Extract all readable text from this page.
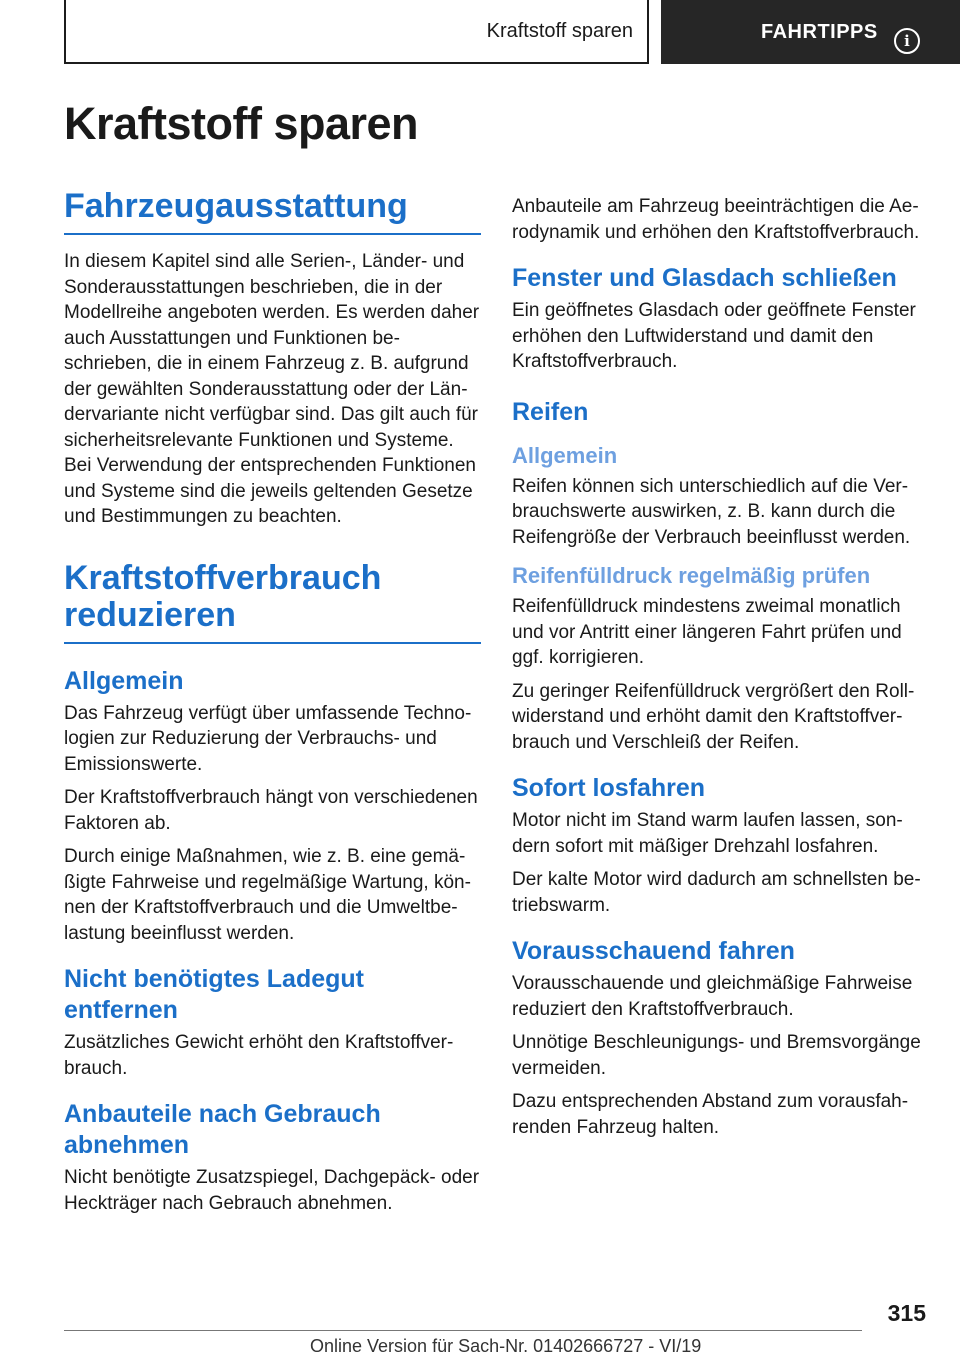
Kraftstoff sparen	FAHRTIPPS i
Kraftstoff sparen
Fahrzeugausstattung

In diesem Kapitel sind alle Serien-, Länder- und Sonderausstattungen beschrieben, die in der Modellreihe angeboten werden. Es werden daher auch Ausstattungen und Funktionen beschrieben, die in einem Fahrzeug z. B. aufgrund der gewählten Sonderausstattung oder der Ländervariante nicht verfügbar sind. Das gilt auch für sicherheitsrelevante Funktionen und Systeme. Bei Verwendung der entsprechenden Funktionen und Systeme sind die jeweils geltenden Gesetze und Bestimmungen zu beachten.

Kraftstoffverbrauch reduzieren
Allgemein

Das Fahrzeug verfügt über umfassende Technologien zur Reduzierung der Verbrauchs- und Emissionswerte.

Der Kraftstoffverbrauch hängt von verschiedenen Faktoren ab.

Durch einige Maßnahmen, wie z. B. eine gemäßigte Fahrweise und regelmäßige Wartung, können der Kraftstoffverbrauch und die Umweltbelastung beeinflusst werden.

Nicht benötigtes Ladegut entfernen

Zusätzliches Gewicht erhöht den Kraftstoffverbrauch.

Anbauteile nach Gebrauch abnehmen

Nicht benötigte Zusatzspiegel, Dachgepäck- oder Heckträger nach Gebrauch abnehmen.

Anbauteile am Fahrzeug beeinträchtigen die Aerodynamik und erhöhen den Kraftstoffverbrauch.

Fenster und Glasdach schließen

Ein geöffnetes Glasdach oder geöffnete Fenster erhöhen den Luftwiderstand und damit den Kraftstoffverbrauch.

Reifen
Allgemein

Reifen können sich unterschiedlich auf die Verbrauchswerte auswirken, z. B. kann durch die Reifengröße der Verbrauch beeinflusst werden.

Reifenfülldruck regelmäßig prüfen

Reifenfülldruck mindestens zweimal monatlich und vor Antritt einer längeren Fahrt prüfen und ggf. korrigieren.

Zu geringer Reifenfülldruck vergrößert den Rollwiderstand und erhöht damit den Kraftstoffverbrauch und Verschleiß der Reifen.

Sofort losfahren

Motor nicht im Stand warm laufen lassen, sondern sofort mit mäßiger Drehzahl losfahren.

Der kalte Motor wird dadurch am schnellsten betriebswarm.

Vorausschauend fahren

Vorausschauende und gleichmäßige Fahrweise reduziert den Kraftstoffverbrauch.

Unnötige Beschleunigungs- und Bremsvorgänge vermeiden.

Dazu entsprechenden Abstand zum vorausfahrenden Fahrzeug halten.

315
Online Version für Sach-Nr. 01402666727 - VI/19
